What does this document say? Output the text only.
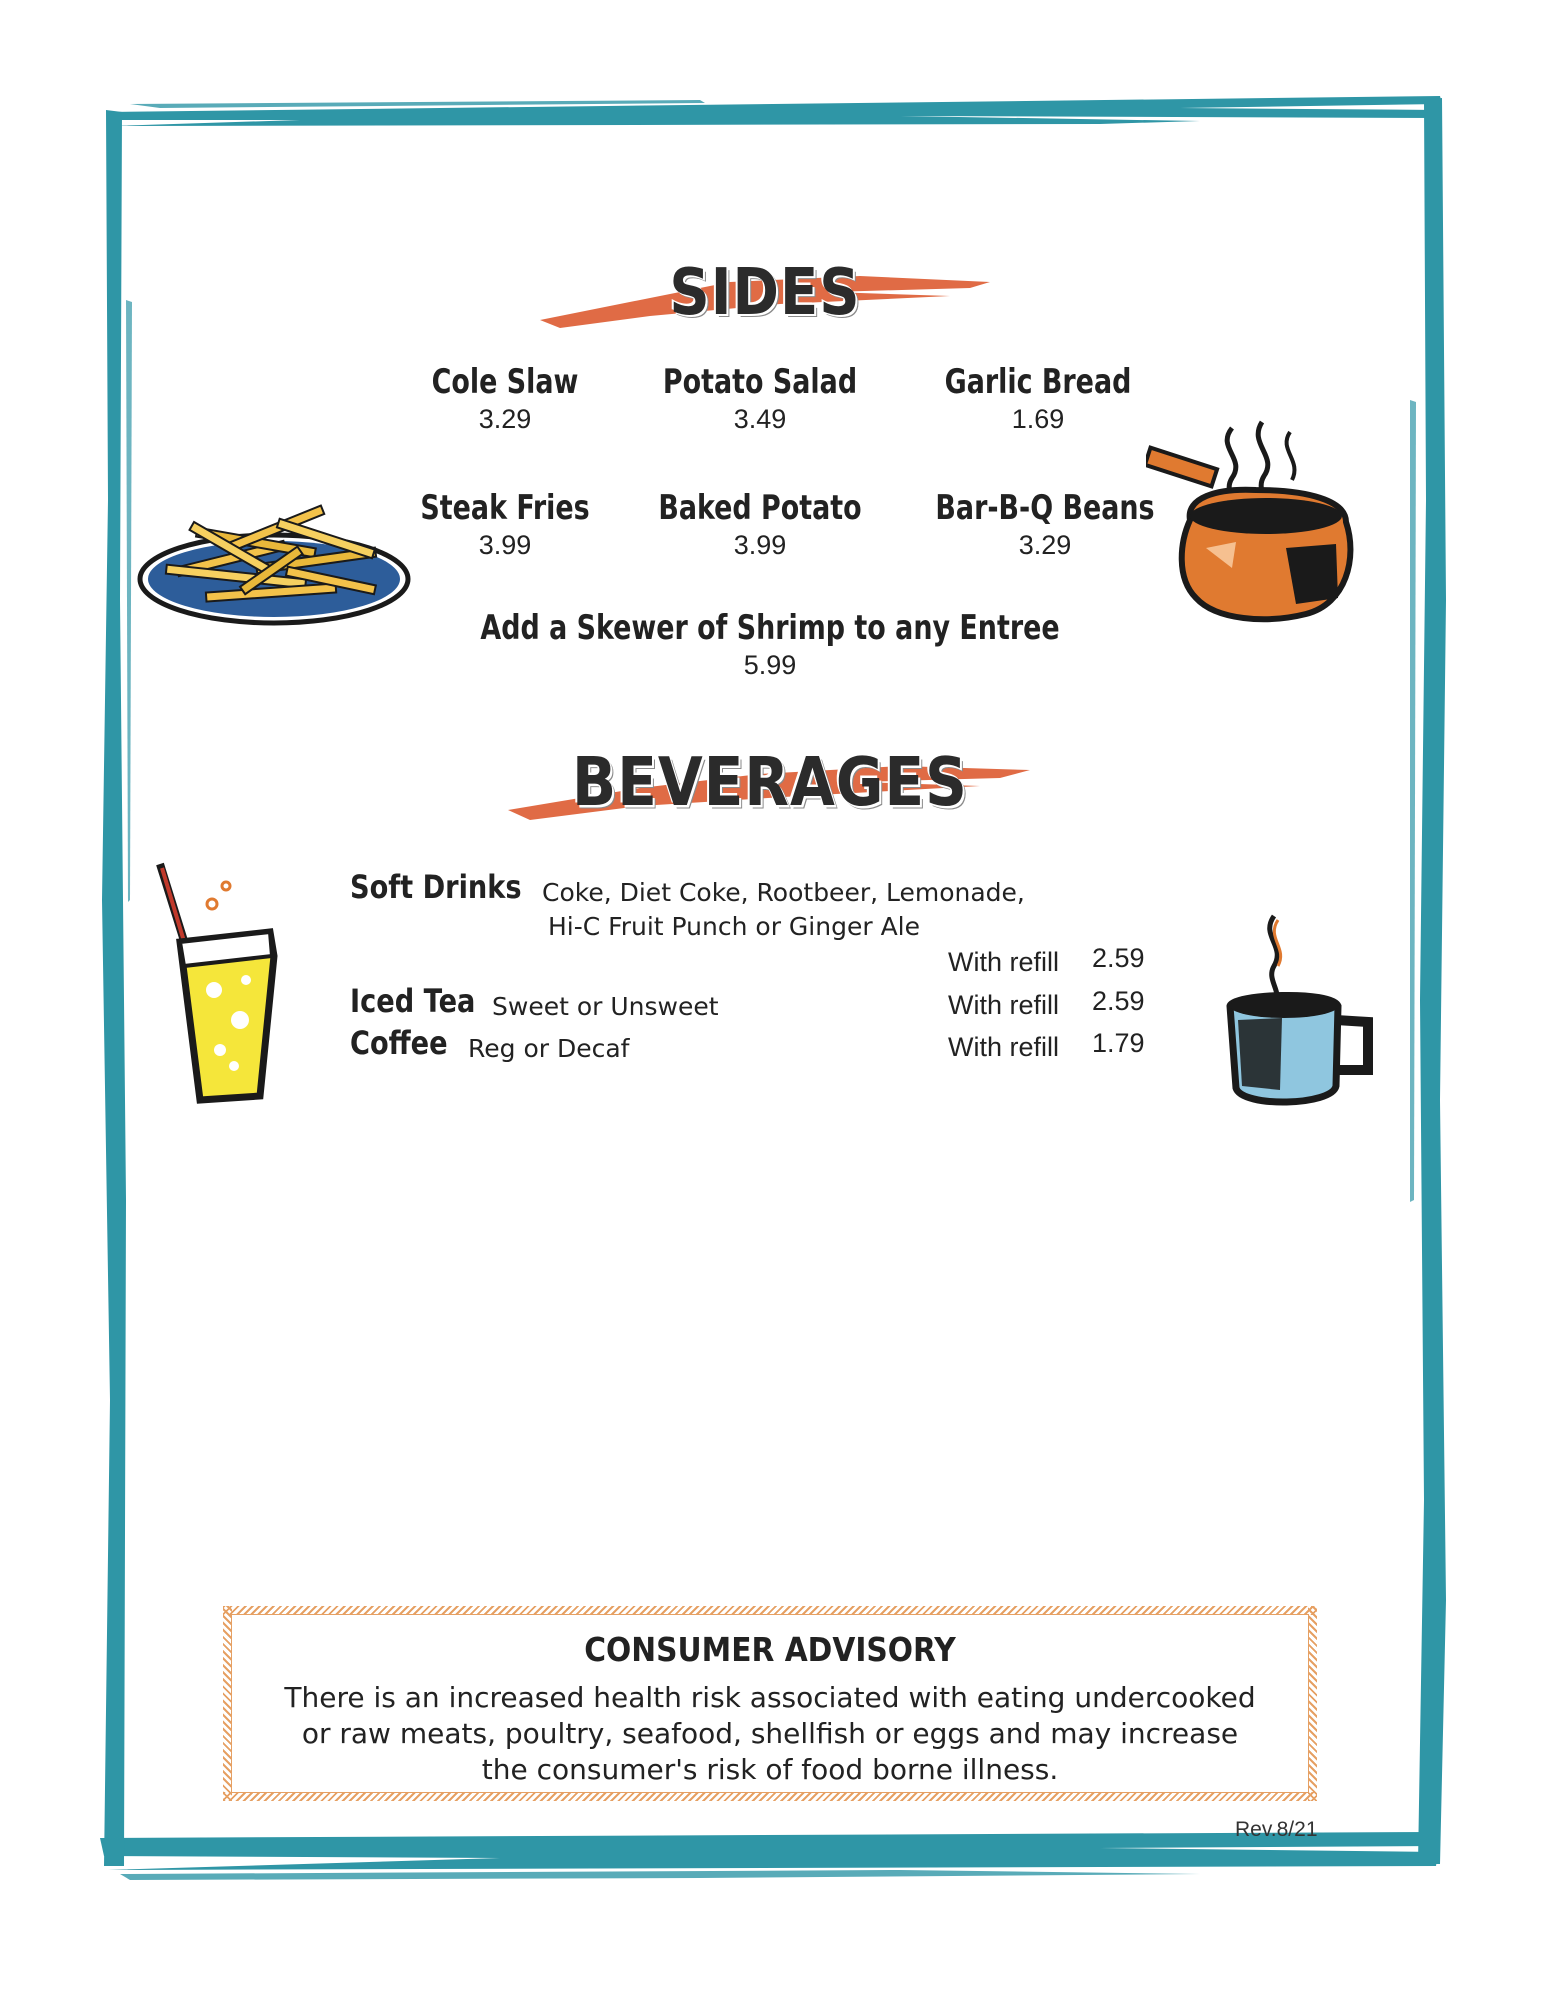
SIDES
Cole Slaw
3.29
Potato Salad
3.49
Garlic Bread
1.69
Steak Fries
3.99
Baked Potato
3.99
Bar-B-Q Beans
3.29
Add a Skewer of Shrimp to any Entree
5.99
BEVERAGES
Soft Drinks Coke, Diet Coke, Rootbeer, Lemonade,
Hi-C Fruit Punch or Ginger Ale
With refill 2.59
Iced Tea Sweet or Unsweet	With refill 2.59
Coffee Reg or Decaf	With refill 1.79
CONSUMER ADVISORY
There is an increased health risk associated with eating undercooked
or raw meats, poultry, seafood, shellfish or eggs and may increase
the consumer's risk of food borne illness.
Rev.8/21
